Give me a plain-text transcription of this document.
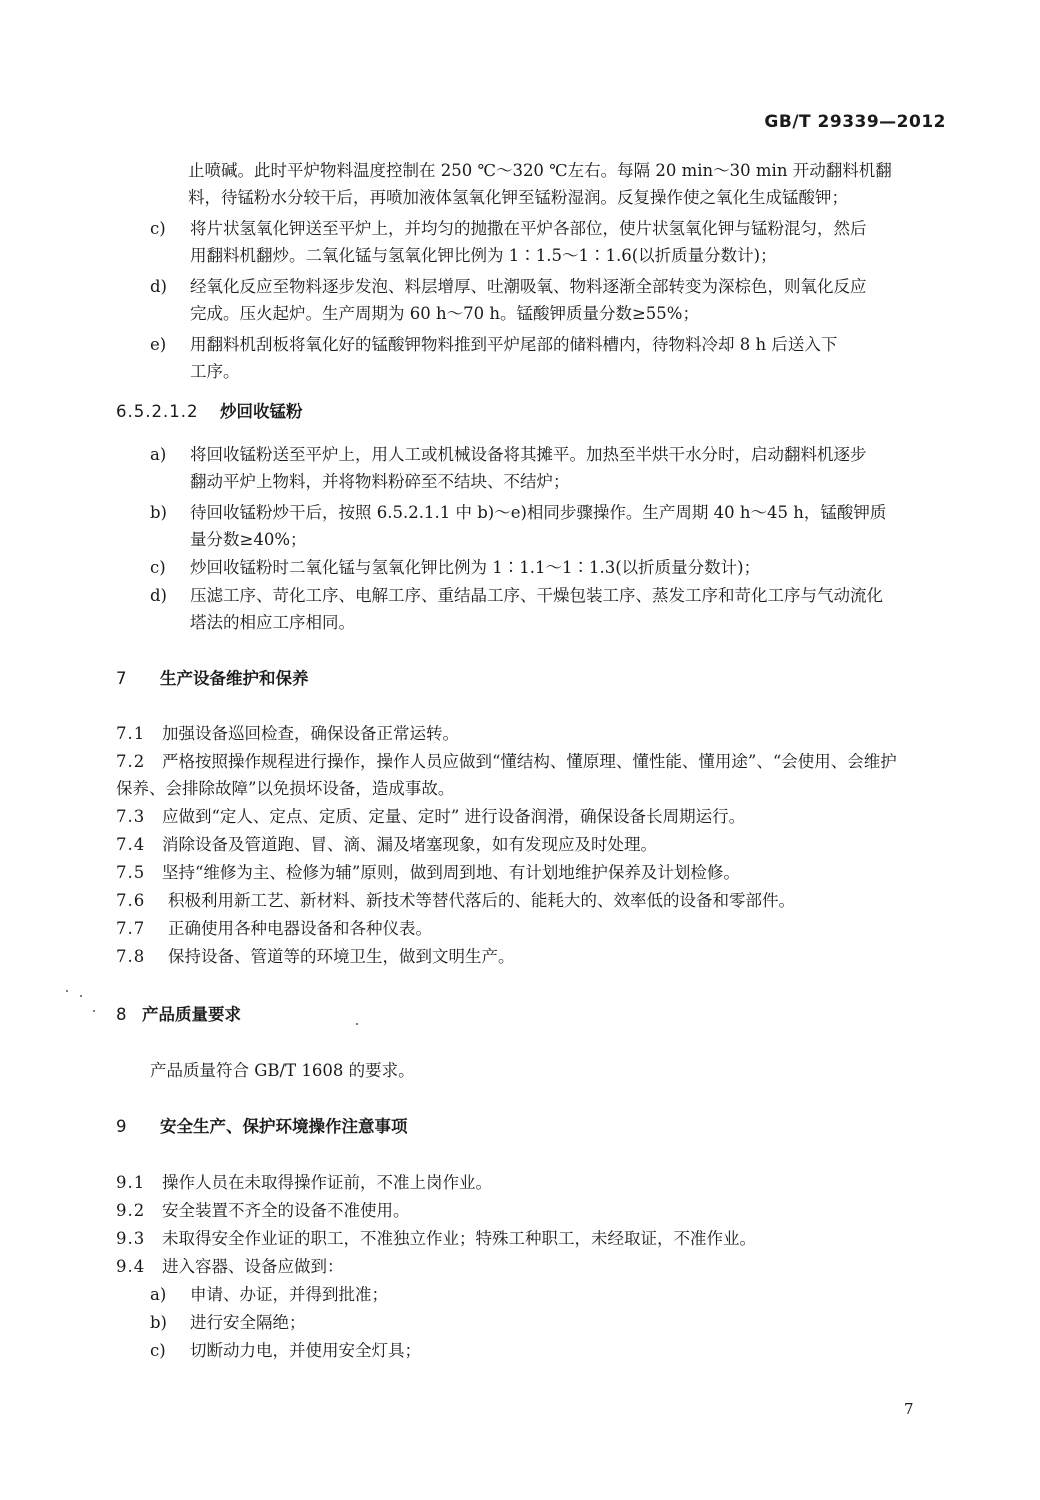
GB/T 29339—2012
止喷碱。此时平炉物料温度控制在 250 ℃～320 ℃左右。每隔 20 min～30 min 开动翻料机翻
料，待锰粉水分较干后，再喷加液体氢氧化钾至锰粉湿润。反复操作使之氧化生成锰酸钾；
c) 将片状氢氧化钾送至平炉上，并均匀的抛撒在平炉各部位，使片状氢氧化钾与锰粉混匀，然后
用翻料机翻炒。二氧化锰与氢氧化钾比例为 1∶1.5～1∶1.6(以折质量分数计)；
d) 经氧化反应至物料逐步发泡、料层增厚、吐潮吸氧、物料逐渐全部转变为深棕色，则氧化反应
完成。压火起炉。生产周期为 60 h～70 h。锰酸钾质量分数≥55%；
e) 用翻料机刮板将氧化好的锰酸钾物料推到平炉尾部的储料槽内，待物料冷却 8 h 后送入下
工序。
6.5.2.1.2 炒回收锰粉
a) 将回收锰粉送至平炉上，用人工或机械设备将其摊平。加热至半烘干水分时，启动翻料机逐步
翻动平炉上物料，并将物料粉碎至不结块、不结炉；
b) 待回收锰粉炒干后，按照 6.5.2.1.1 中 b)～e)相同步骤操作。生产周期 40 h～45 h，锰酸钾质
量分数≥40%；
c) 炒回收锰粉时二氧化锰与氢氧化钾比例为 1∶1.1～1∶1.3(以折质量分数计)；
d) 压滤工序、苛化工序、电解工序、重结晶工序、干燥包装工序、蒸发工序和苛化工序与气动流化
塔法的相应工序相同。
7 生产设备维护和保养
7.1 加强设备巡回检查，确保设备正常运转。
7.2 严格按照操作规程进行操作，操作人员应做到“懂结构、懂原理、懂性能、懂用途”、“会使用、会维护
保养、会排除故障”以免损坏设备，造成事故。
7.3 应做到“定人、定点、定质、定量、定时” 进行设备润滑，确保设备长周期运行。
7.4 消除设备及管道跑、冒、滴、漏及堵塞现象，如有发现应及时处理。
7.5 坚持“维修为主、检修为辅”原则，做到周到地、有计划地维护保养及计划检修。
7.6 积极利用新工艺、新材料、新技术等替代落后的、能耗大的、效率低的设备和零部件。
7.7 正确使用各种电器设备和各种仪表。
7.8 保持设备、管道等的环境卫生，做到文明生产。
8 产品质量要求
产品质量符合 GB/T 1608 的要求。
9 安全生产、保护环境操作注意事项
9.1 操作人员在未取得操作证前，不准上岗作业。
9.2 安全装置不齐全的设备不准使用。
9.3 未取得安全作业证的职工，不准独立作业；特殊工种职工，未经取证，不准作业。
9.4 进入容器、设备应做到：
a) 申请、办证，并得到批准；
b) 进行安全隔绝；
c) 切断动力电，并使用安全灯具；
7
